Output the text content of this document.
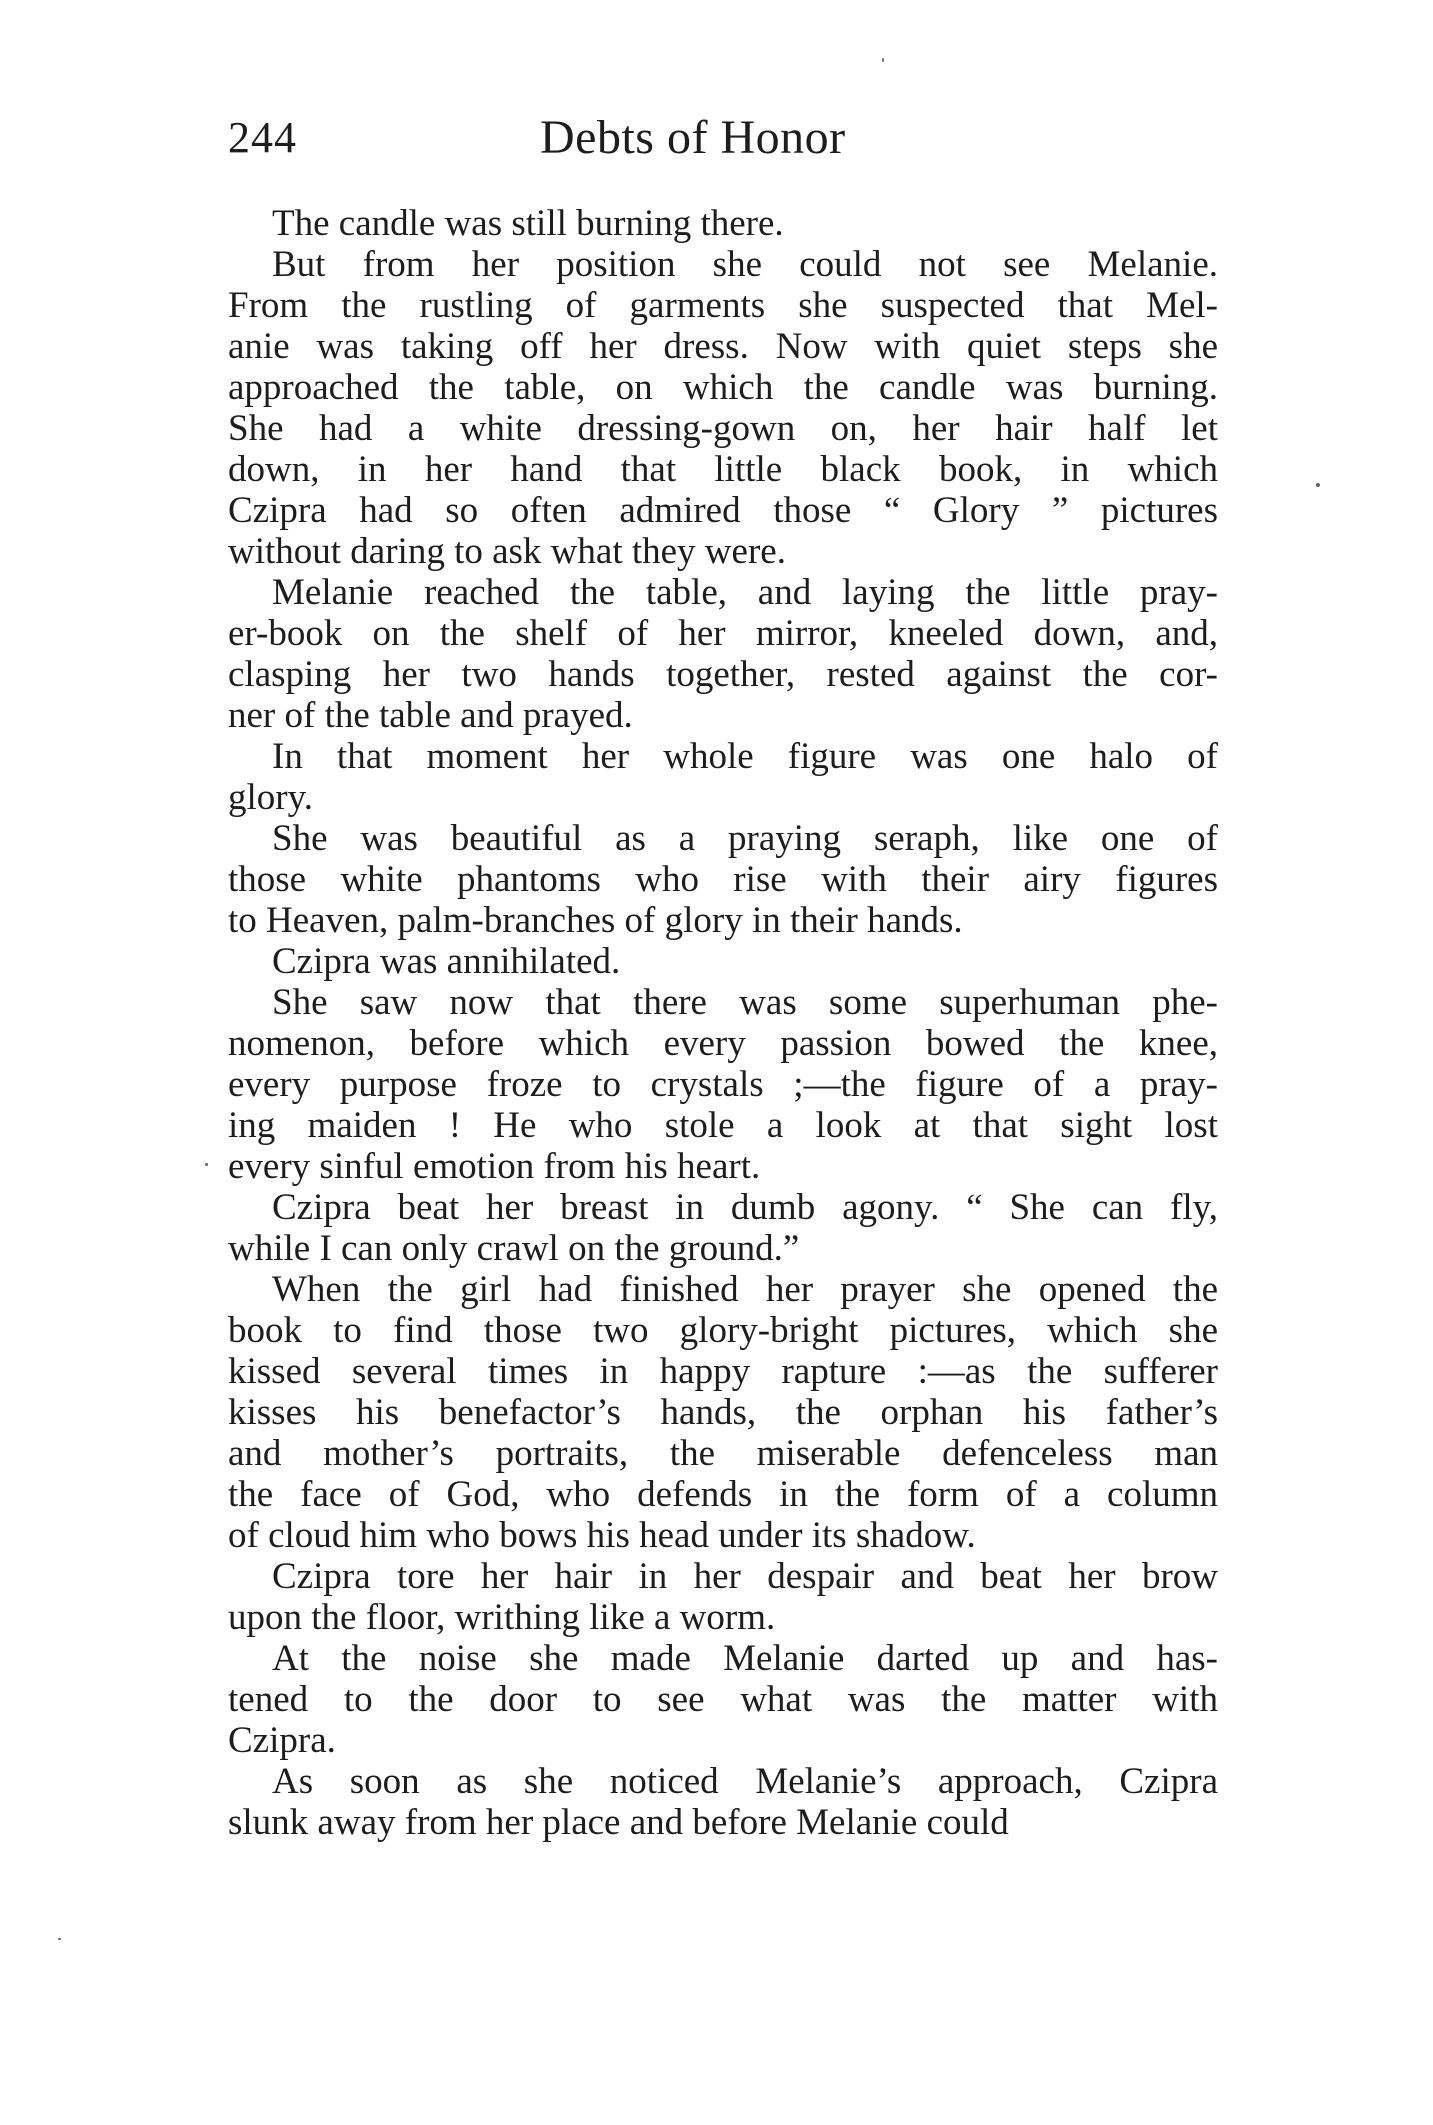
244	Debts of Honor

The candle was still burning there.

But from her position she could not see Melanie.
From the rustling of garments she suspected that Mel-
anie was taking off her dress. Now with quiet steps she
approached the table, on which the candle was burning.
She had a white dressing-gown on, her hair half let
down, in her hand that little black book, in which
Czipra had so often admired those “ Glory ” pictures
without daring to ask what they were.

Melanie reached the table, and laying the little pray-
er-book on the shelf of her mirror, kneeled down, and,
clasping her two hands together, rested against the cor-
ner of the table and prayed.

In that moment her whole figure was one halo of
glory.

She was beautiful as a praying seraph, like one of
those white phantoms who rise with their airy figures
to Heaven, palm-branches of glory in their hands.

Czipra was annihilated.

She saw now that there was some superhuman phe-
nomenon, before which every passion bowed the knee,
every purpose froze to crystals ;—the figure of a pray-
ing maiden ! He who stole a look at that sight lost
every sinful emotion from his heart.

Czipra beat her breast in dumb agony. “ She can fly,
while I can only crawl on the ground.”

When the girl had finished her prayer she opened the
book to find those two glory-bright pictures, which she
kissed several times in happy rapture :—as the sufferer
kisses his benefactor’s hands, the orphan his father’s
and mother’s portraits, the miserable defenceless man
the face of God, who defends in the form of a column
of cloud him who bows his head under its shadow.

Czipra tore her hair in her despair and beat her brow
upon the floor, writhing like a worm.

At the noise she made Melanie darted up and has-
tened to the door to see what was the matter with
Czipra.

As soon as she noticed Melanie’s approach, Czipra
slunk away from her place and before Melanie could
